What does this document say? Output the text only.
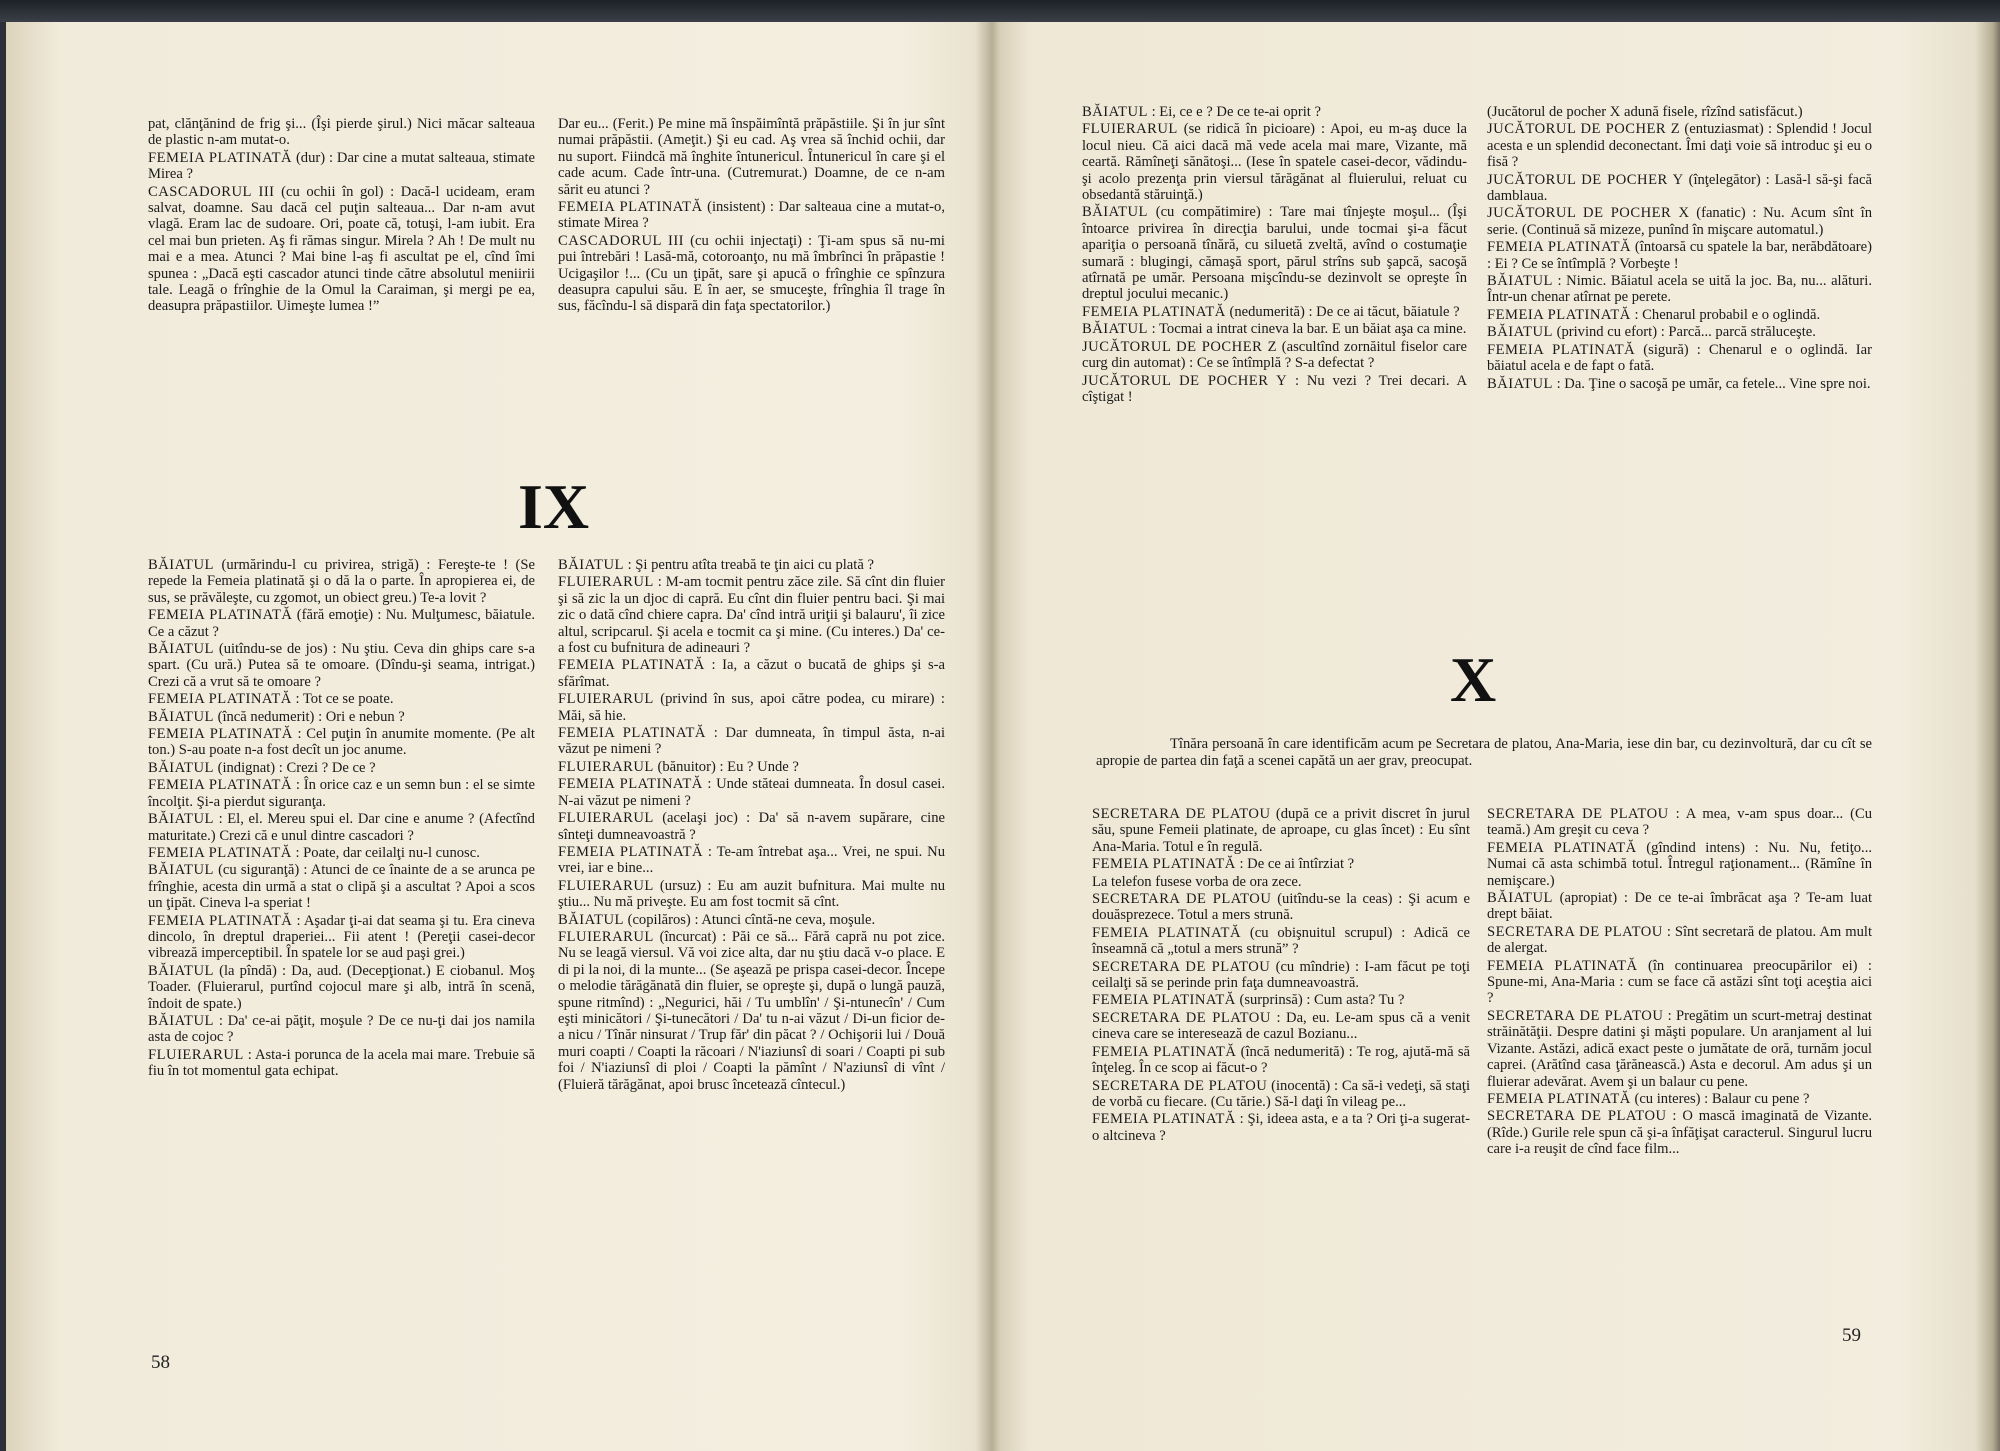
pat, clănţănind de frig şi... (Îşi pierde şirul.) Nici măcar salteaua de plastic n-am mutat-o.

FEMEIA PLATINATĂ (dur) : Dar cine a mutat salteaua, stimate Mirea ?

CASCADORUL III (cu ochii în gol) : Dacă-l ucideam, eram salvat, doamne. Sau dacă cel puţin salteaua... Dar n-am avut vlagă. Eram lac de sudoare. Ori, poate că, totuşi, l-am iubit. Era cel mai bun prieten. Aş fi rămas singur. Mirela ? Ah ! De mult nu mai e a mea. Atunci ? Mai bine l-aş fi ascultat pe el, cînd îmi spunea : „Dacă eşti cascador atunci tinde către absolutul meniirii tale. Leagă o frînghie de la Omul la Caraiman, şi mergi pe ea, deasupra prăpastiilor. Uimeşte lumea !”

Dar eu... (Ferit.) Pe mine mă înspăimîntă prăpăstiile. Şi în jur sînt numai prăpăstii. (Ameţit.) Şi eu cad. Aş vrea să închid ochii, dar nu suport. Fiindcă mă înghite întunericul. Întunericul în care şi el cade acum. Cade într-una. (Cutremurat.) Doamne, de ce n-am sărit eu atunci ?

FEMEIA PLATINATĂ (insistent) : Dar salteaua cine a mutat-o, stimate Mirea ?

CASCADORUL III (cu ochii injectaţi) : Ţi-am spus să nu-mi pui întrebări ! Lasă-mă, cotoroanţo, nu mă îmbrînci în prăpastie ! Ucigaşilor !... (Cu un ţipăt, sare şi apucă o frînghie ce spînzura deasupra capului său. E în aer, se smuceşte, frînghia îl trage în sus, făcîndu-l să dispară din faţa spectatorilor.)

IX

BĂIATUL (urmărindu-l cu privirea, strigă) : Fereşte-te ! (Se repede la Femeia platinată şi o dă la o parte. În apropierea ei, de sus, se prăvăleşte, cu zgomot, un obiect greu.) Te-a lovit ?

FEMEIA PLATINATĂ (fără emoţie) : Nu. Mulţumesc, băiatule. Ce a căzut ?

BĂIATUL (uitîndu-se de jos) : Nu ştiu. Ceva din ghips care s-a spart. (Cu ură.) Putea să te omoare. (Dîndu-şi seama, intrigat.) Crezi că a vrut să te omoare ?

FEMEIA PLATINATĂ : Tot ce se poate.

BĂIATUL (încă nedumerit) : Ori e nebun ?

FEMEIA PLATINATĂ : Cel puţin în anumite momente. (Pe alt ton.) S-au poate n-a fost decît un joc anume.

BĂIATUL (indignat) : Crezi ? De ce ?

FEMEIA PLATINATĂ : În orice caz e un semn bun : el se simte încolţit. Şi-a pierdut siguranţa.

BĂIATUL : El, el. Mereu spui el. Dar cine e anume ? (Afectînd maturitate.) Crezi că e unul dintre cascadori ?

FEMEIA PLATINATĂ : Poate, dar ceilalţi nu-l cunosc.

BĂIATUL (cu siguranţă) : Atunci de ce înainte de a se arunca pe frînghie, acesta din urmă a stat o clipă şi a ascultat ? Apoi a scos un ţipăt. Cineva l-a speriat !

FEMEIA PLATINATĂ : Aşadar ţi-ai dat seama şi tu. Era cineva dincolo, în dreptul draperiei... Fii atent ! (Pereţii casei-decor vibrează imperceptibil. În spatele lor se aud paşi grei.)

BĂIATUL (la pîndă) : Da, aud. (Decepţionat.) E ciobanul. Moş Toader. (Fluierarul, purtînd cojocul mare şi alb, intră în scenă, îndoit de spate.)

BĂIATUL : Da' ce-ai păţit, moşule ? De ce nu-ţi dai jos namila asta de cojoc ?

FLUIERARUL : Asta-i porunca de la acela mai mare. Trebuie să fiu în tot momentul gata echipat.

BĂIATUL : Şi pentru atîta treabă te ţin aici cu plată ?

FLUIERARUL : M-am tocmit pentru zăce zile. Să cînt din fluier şi să zic la un djoc di capră. Eu cînt din fluier pentru baci. Şi mai zic o dată cînd chiere capra. Da' cînd intră uriţii şi balauru', îi zice altul, scripcarul. Şi acela e tocmit ca şi mine. (Cu interes.) Da' ce-a fost cu bufnitura de adineauri ?

FEMEIA PLATINATĂ : Ia, a căzut o bucată de ghips şi s-a sfărîmat.

FLUIERARUL (privind în sus, apoi către podea, cu mirare) : Măi, să hie.

FEMEIA PLATINATĂ : Dar dumneata, în timpul ăsta, n-ai văzut pe nimeni ?

FLUIERARUL (bănuitor) : Eu ? Unde ?

FEMEIA PLATINATĂ : Unde stăteai dumneata. În dosul casei. N-ai văzut pe nimeni ?

FLUIERARUL (acelaşi joc) : Da' să n-avem supărare, cine sînteţi dumneavoastră ?

FEMEIA PLATINATĂ : Te-am întrebat aşa... Vrei, ne spui. Nu vrei, iar e bine...

FLUIERARUL (ursuz) : Eu am auzit bufnitura. Mai multe nu ştiu... Nu mă priveşte. Eu am fost tocmit să cînt.

BĂIATUL (copilăros) : Atunci cîntă-ne ceva, moşule.

FLUIERARUL (încurcat) : Păi ce să... Fără capră nu pot zice. Nu se leagă viersul. Vă voi zice alta, dar nu ştiu dacă v-o place. E di pi la noi, di la munte... (Se aşează pe prispa casei-decor. Începe o melodie tărăgănată din fluier, se opreşte şi, după o lungă pauză, spune ritmînd) : „Negurici, hăi / Tu umblîn' / Şi-ntunecîn' / Cum eşti minicători / Şi-tunecători / Da' tu n-ai văzut / Di-un ficior de-a nicu / Tînăr ninsurat / Trup făr' din păcat ? / Ochişorii lui / Două muri coapti / Coapti la răcoari / N'iaziunsî di soari / Coapti pi sub foi / N'iaziunsî di ploi / Coapti la pămînt / N'aziunsî di vînt / (Fluieră tărăgănat, apoi brusc încetează cîntecul.)

58

BĂIATUL : Ei, ce e ? De ce te-ai oprit ?

FLUIERARUL (se ridică în picioare) : Apoi, eu m-aş duce la locul nieu. Că aici dacă mă vede acela mai mare, Vizante, mă ceartă. Rămîneţi sănătoşi... (Iese în spatele casei-decor, vădindu-şi acolo prezenţa prin viersul tărăgănat al fluierului, reluat cu obsedantă stăruinţă.)

BĂIATUL (cu compătimire) : Tare mai tînjeşte moşul... (Îşi întoarce privirea în direcţia barului, unde tocmai şi-a făcut apariţia o persoană tînără, cu siluetă zveltă, avînd o costumaţie sumară : blugingi, cămaşă sport, părul strîns sub şapcă, sacoşă atîrnată pe umăr. Persoana mişcîndu-se dezinvolt se opreşte în dreptul jocului mecanic.)

FEMEIA PLATINATĂ (nedumerită) : De ce ai tăcut, băiatule ?

BĂIATUL : Tocmai a intrat cineva la bar. E un băiat aşa ca mine.

JUCĂTORUL DE POCHER Z (ascultînd zornăitul fiselor care curg din automat) : Ce se întîmplă ? S-a defectat ?

JUCĂTORUL DE POCHER Y : Nu vezi ? Trei decari. A cîştigat !

(Jucătorul de pocher X adună fisele, rîzînd satisfăcut.)

JUCĂTORUL DE POCHER Z (entuziasmat) : Splendid ! Jocul acesta e un splendid deconectant. Îmi daţi voie să introduc şi eu o fisă ?

JUCĂTORUL DE POCHER Y (înţelegător) : Lasă-l să-şi facă damblaua.

JUCĂTORUL DE POCHER X (fanatic) : Nu. Acum sînt în serie. (Continuă să mizeze, punînd în mişcare automatul.)

FEMEIA PLATINATĂ (întoarsă cu spatele la bar, nerăbdătoare) : Ei ? Ce se întîmplă ? Vorbeşte !

BĂIATUL : Nimic. Băiatul acela se uită la joc. Ba, nu... alături. Într-un chenar atîrnat pe perete.

FEMEIA PLATINATĂ : Chenarul probabil e o oglindă.

BĂIATUL (privind cu efort) : Parcă... parcă străluceşte.

FEMEIA PLATINATĂ (sigură) : Chenarul e o oglindă. Iar băiatul acela e de fapt o fată.

BĂIATUL : Da. Ţine o sacoşă pe umăr, ca fetele... Vine spre noi.

X
Tînăra persoană în care identificăm acum pe Secretara de platou, Ana-Maria, iese din bar, cu dezinvoltură, dar cu cît se apropie de partea din faţă a scenei capătă un aer grav, preocupat.

SECRETARA DE PLATOU (după ce a privit discret în jurul său, spune Femeii platinate, de aproape, cu glas încet) : Eu sînt Ana-Maria. Totul e în regulă.

FEMEIA PLATINATĂ : De ce ai întîrziat ?

La telefon fusese vorba de ora zece.

SECRETARA DE PLATOU (uitîndu-se la ceas) : Şi acum e douăsprezece. Totul a mers strună.

FEMEIA PLATINATĂ (cu obişnuitul scrupul) : Adică ce înseamnă că „totul a mers strună” ?

SECRETARA DE PLATOU (cu mîndrie) : I-am făcut pe toţi ceilalţi să se perinde prin faţa dumneavoastră.

FEMEIA PLATINATĂ (surprinsă) : Cum asta? Tu ?

SECRETARA DE PLATOU : Da, eu. Le-am spus că a venit cineva care se interesează de cazul Bozianu...

FEMEIA PLATINATĂ (încă nedumerită) : Te rog, ajută-mă să înţeleg. În ce scop ai făcut-o ?

SECRETARA DE PLATOU (inocentă) : Ca să-i vedeţi, să staţi de vorbă cu fiecare. (Cu tărie.) Să-l daţi în vileag pe...

FEMEIA PLATINATĂ : Şi, ideea asta, e a ta ? Ori ţi-a sugerat-o altcineva ?

SECRETARA DE PLATOU : A mea, v-am spus doar... (Cu teamă.) Am greşit cu ceva ?

FEMEIA PLATINATĂ (gîndind intens) : Nu. Nu, fetiţo... Numai că asta schimbă totul. Întregul raţionament... (Rămîne în nemişcare.)

BĂIATUL (apropiat) : De ce te-ai îmbrăcat aşa ? Te-am luat drept băiat.

SECRETARA DE PLATOU : Sînt secretară de platou. Am mult de alergat.

FEMEIA PLATINATĂ (în continuarea preocupărilor ei) : Spune-mi, Ana-Maria : cum se face că astăzi sînt toţi aceştia aici ?

SECRETARA DE PLATOU : Pregătim un scurt-metraj destinat străinătăţii. Despre datini şi măşti populare. Un aranjament al lui Vizante. Astăzi, adică exact peste o jumătate de oră, turnăm jocul caprei. (Arătînd casa ţărănească.) Asta e decorul. Am adus şi un fluierar adevărat. Avem şi un balaur cu pene.

FEMEIA PLATINATĂ (cu interes) : Balaur cu pene ?

SECRETARA DE PLATOU : O mască imaginată de Vizante. (Rîde.) Gurile rele spun că şi-a înfăţişat caracterul. Singurul lucru care i-a reuşit de cînd face film...

59
